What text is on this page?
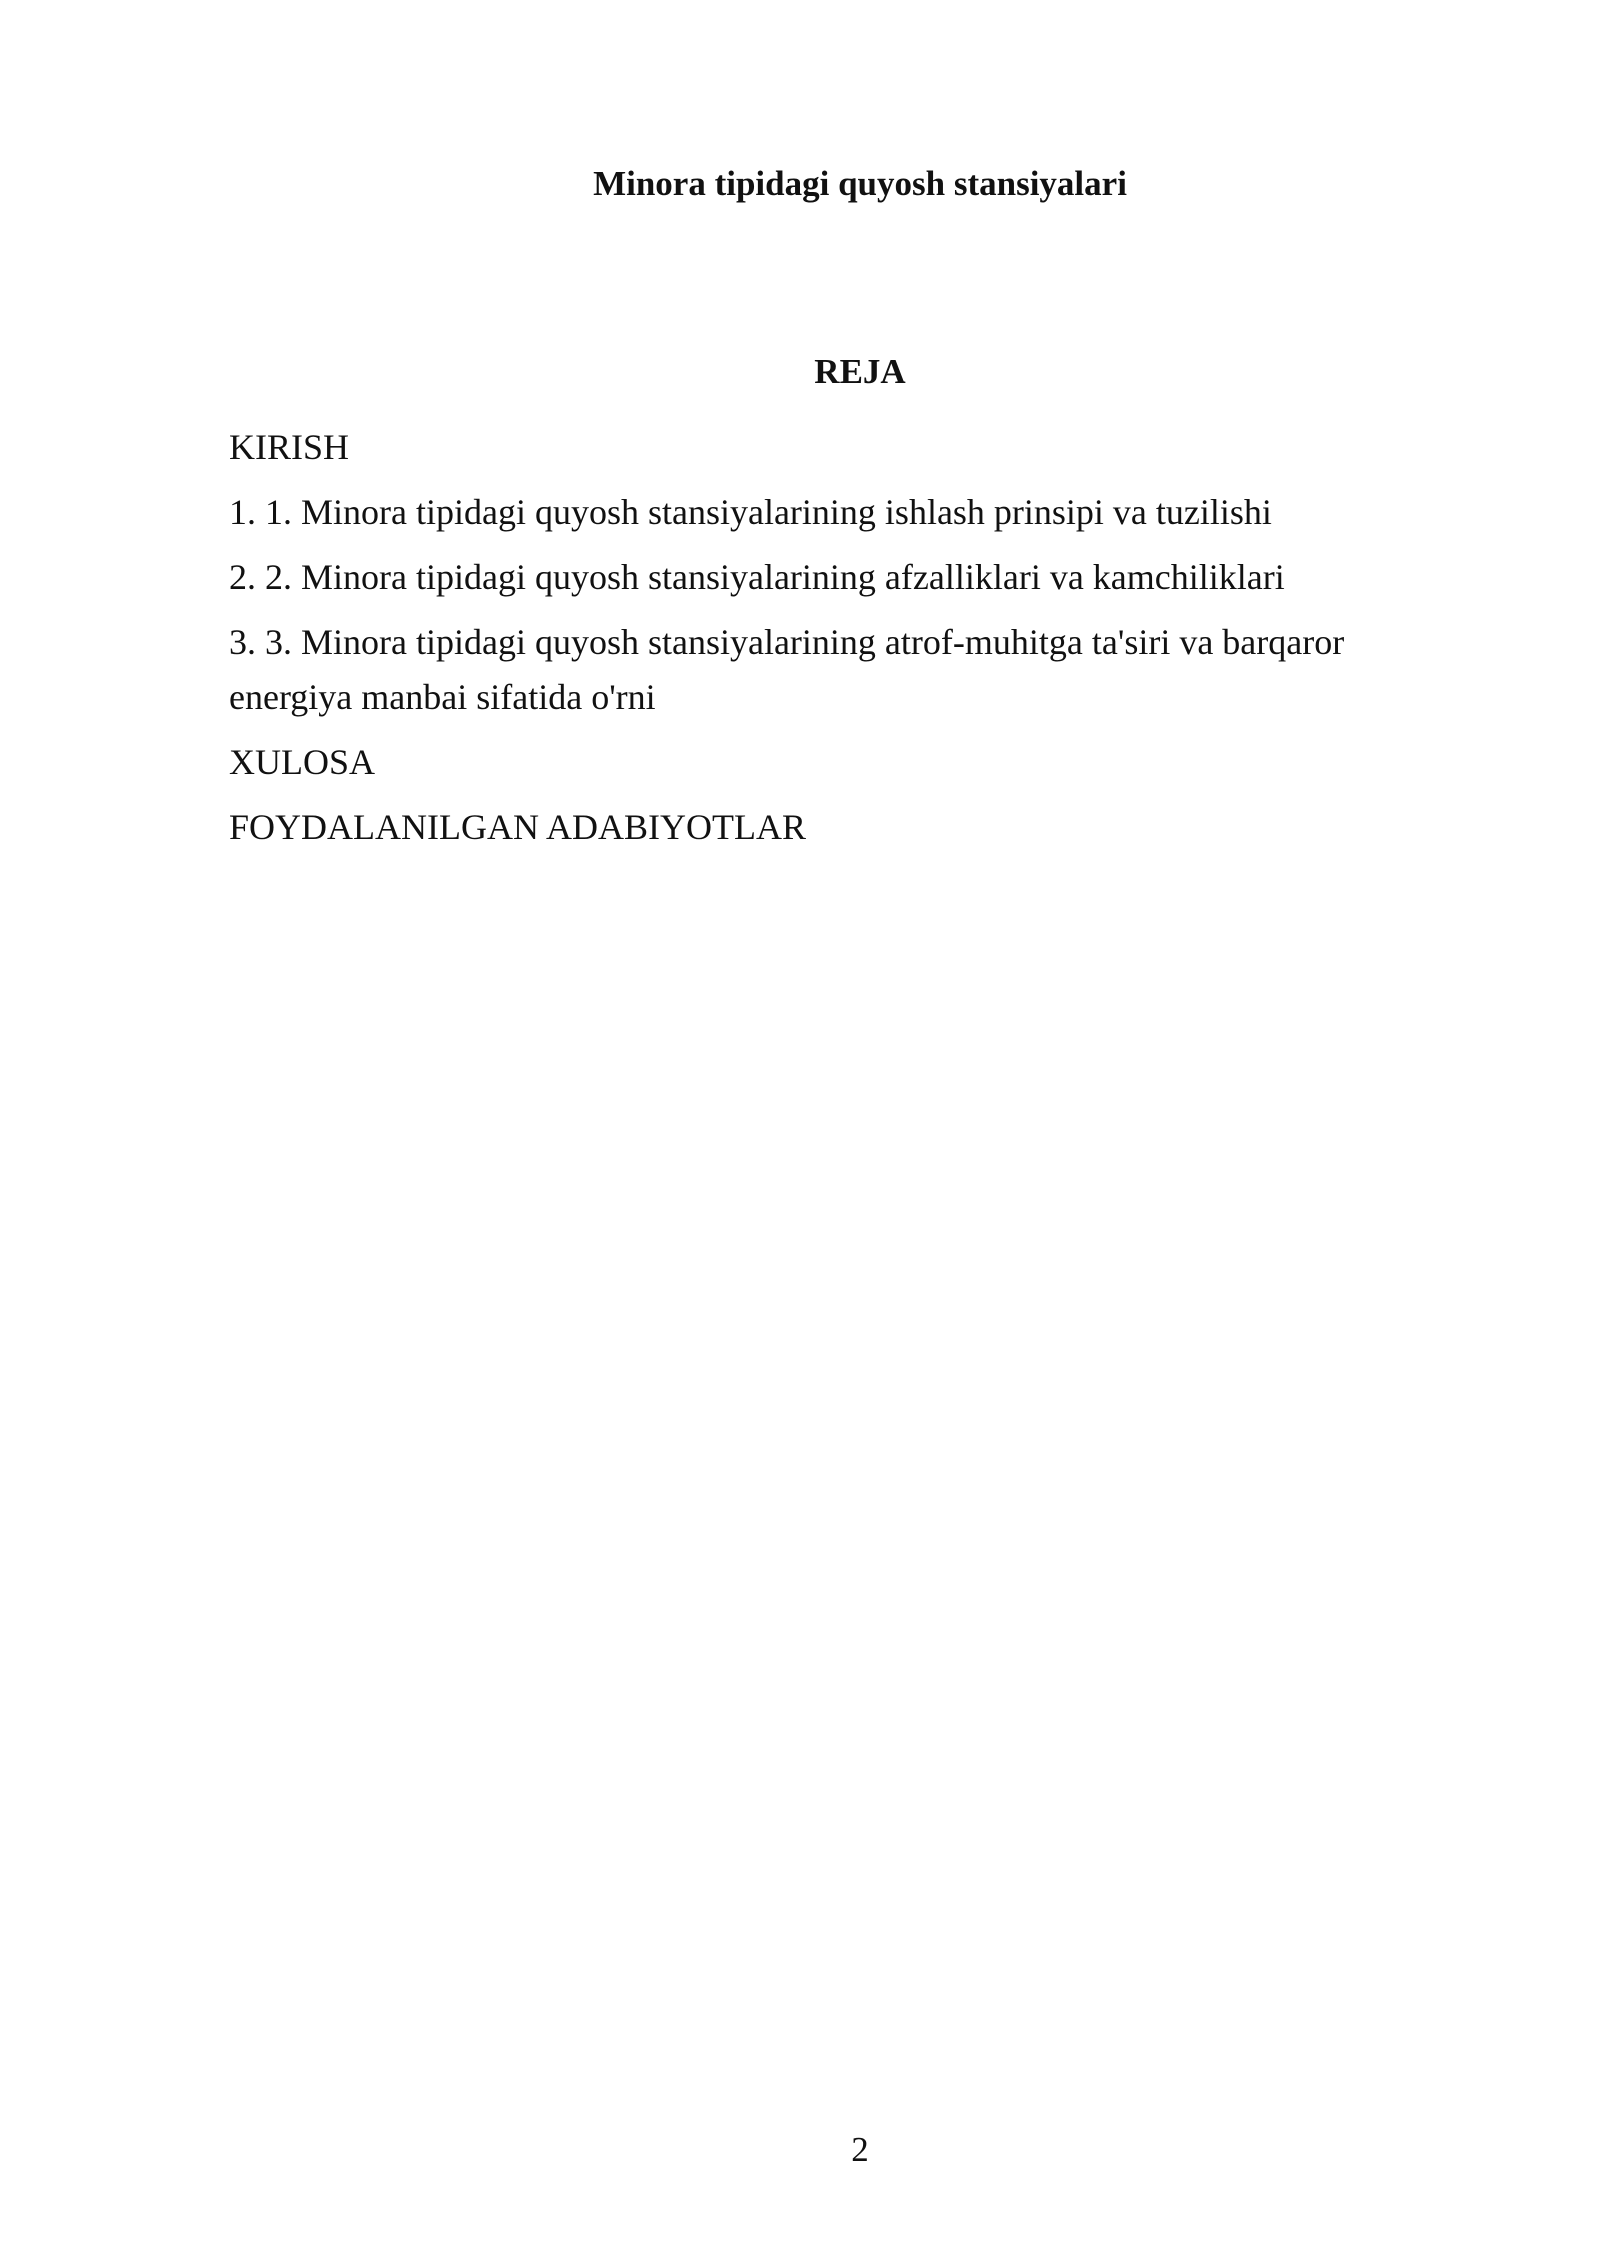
Minora tipidagi quyosh stansiyalari
REJA

KIRISH

1. 1. Minora tipidagi quyosh stansiyalarining ishlash prinsipi va tuzilishi

2. 2. Minora tipidagi quyosh stansiyalarining afzalliklari va kamchiliklari

3. 3. Minora tipidagi quyosh stansiyalarining atrof-muhitga ta'siri va barqaror energiya manbai sifatida o'rni

XULOSA

FOYDALANILGAN ADABIYOTLAR

2
